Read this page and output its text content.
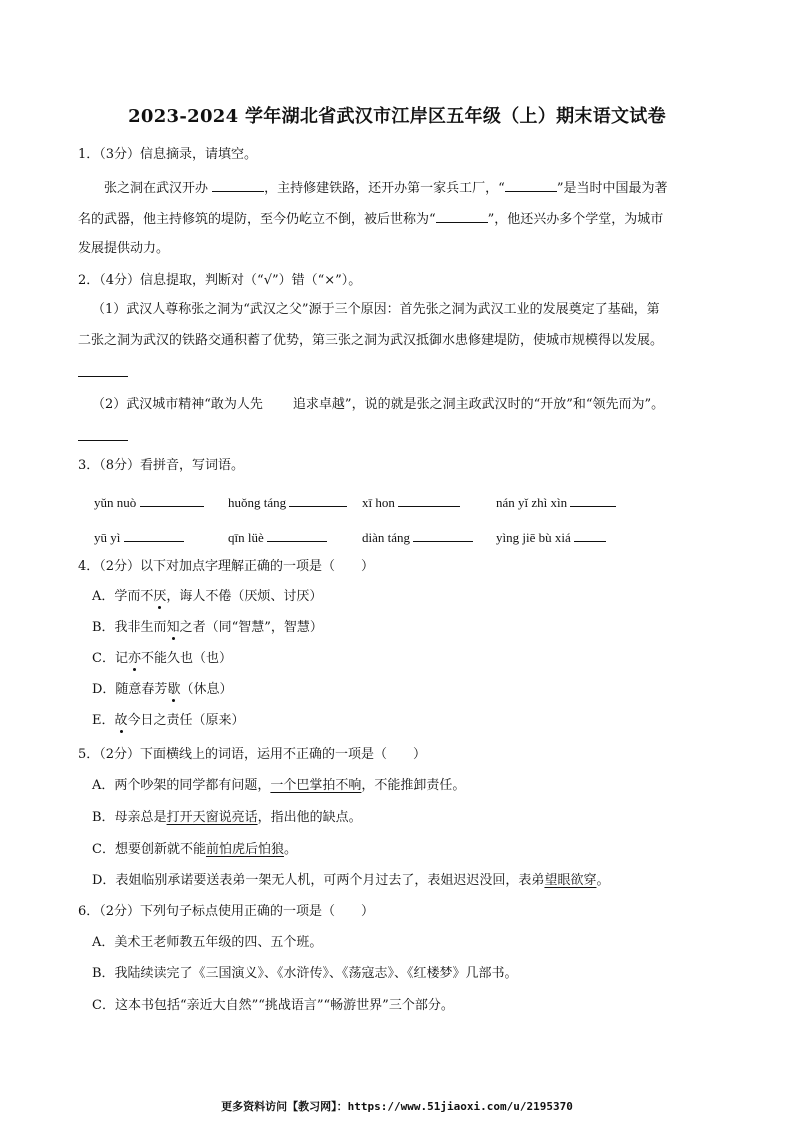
2023-2024 学年湖北省武汉市江岸区五年级（上）期末语文试卷
1．（3分）信息摘录，请填空。
张之洞在武汉开办	，主持修建铁路，还开办第一家兵工厂，“	”是当时中国最为著
名的武器，他主持修筑的堤防，至今仍屹立不倒，被后世称为“	”，他还兴办多个学堂，为城市
发展提供动力。
2．（4分）信息提取，判断对（“√”）错（“×”）。
（1）武汉人尊称张之洞为“武汉之父”源于三个原因：首先张之洞为武汉工业的发展奠定了基础，第
二张之洞为武汉的铁路交通积蓄了优势，第三张之洞为武汉抵御水患修建堤防，使城市规模得以发展。
（2）武汉城市精神“敢为人先 追求卓越”，说的就是张之洞主政武汉时的“开放”和“领先而为”。
3．（8分）看拼音，写词语。
yǔn nuò	huǒng táng	xī hon	nán yǐ zhì xìn
yū yì	qīn lüè	diàn táng	yìng jiē bù xiá
4．（2分）以下对加点字理解正确的一项是（　　）
A．学而不厌，诲人不倦（厌烦、讨厌）
B．我非生而知之者（同“智慧”，智慧）
C．记亦不能久也（也）
D．随意春芳歇（休息）
E．故今日之责任（原来）
5．（2分）下面横线上的词语，运用不正确的一项是（　　）
A．两个吵架的同学都有问题，一个巴掌拍不响，不能推卸责任。
B．母亲总是打开天窗说亮话，指出他的缺点。
C．想要创新就不能前怕虎后怕狼。
D．表姐临别承诺要送表弟一架无人机，可两个月过去了，表姐迟迟没回，表弟望眼欲穿。
6．（2分）下列句子标点使用正确的一项是（　　）
A．美术王老师教五年级的四、五个班。
B．我陆续读完了《三国演义》、《水浒传》、《荡寇志》、《红楼梦》几部书。
C．这本书包括“亲近大自然”“挑战语言”“畅游世界”三个部分。
更多资料访问【教习网】：https://www.51jiaoxi.com/u/2195370
